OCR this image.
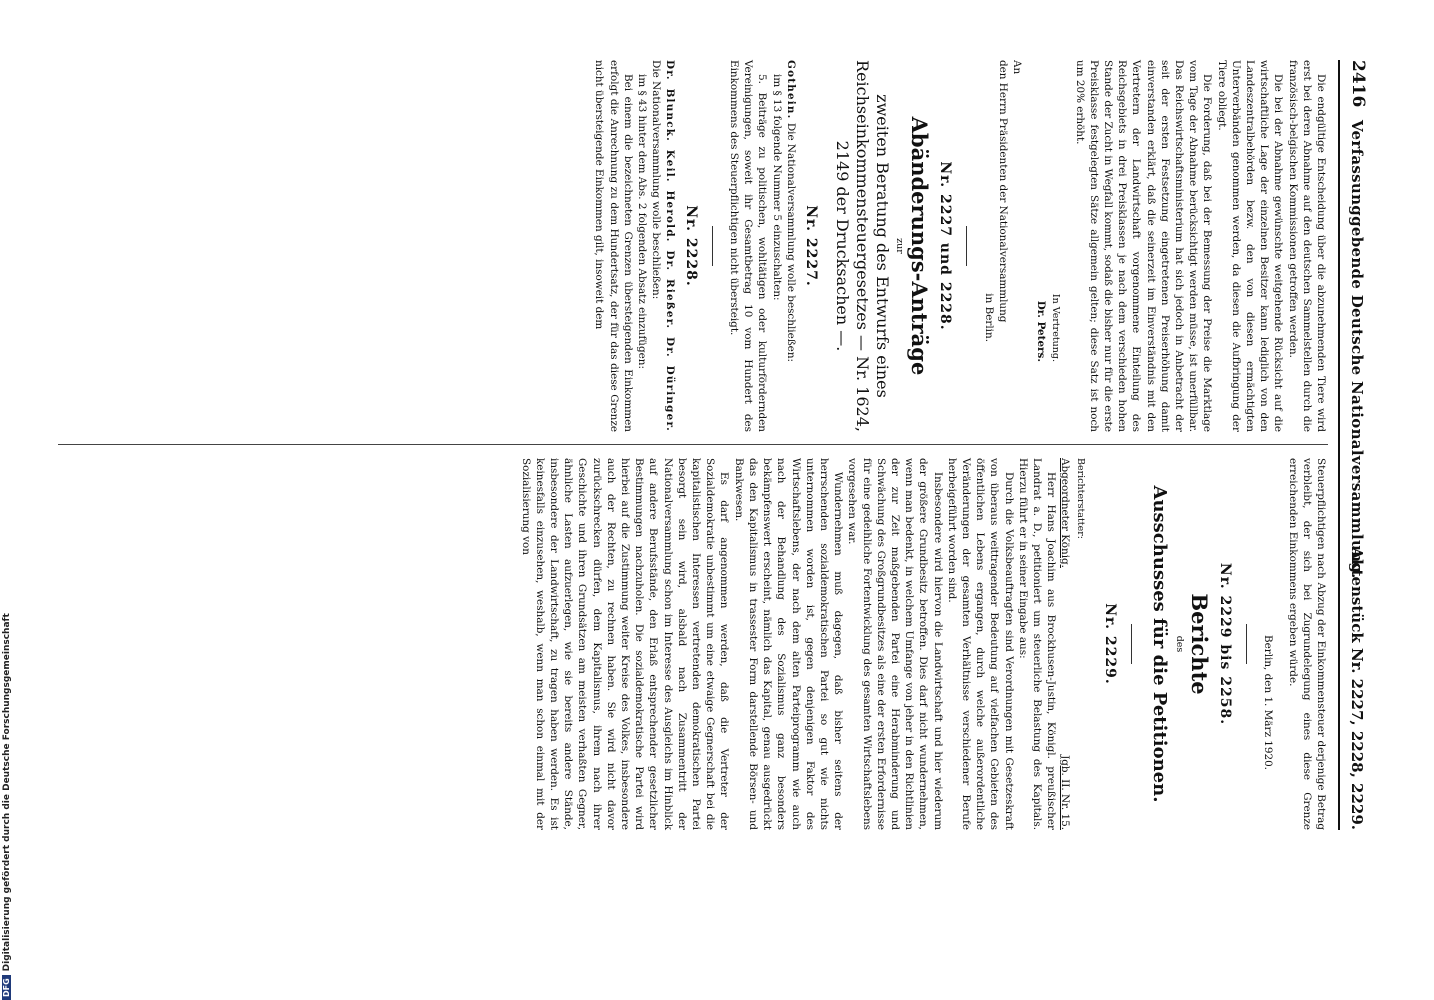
2416
Verfassunggebende Deutsche Nationalversammlung.
Aktenstück Nr. 2227, 2228, 2229.

Die endgültige Entscheidung über die abzunehmenden Tiere wird erst bei deren Abnahme auf den deutschen Sammelstellen durch die französisch-belgischen Kommissionen getroffen werden.

Die bei der Abnahme gewünschte weitgehende Rücksicht auf die wirtschaftliche Lage der einzelnen Besitzer kann lediglich von den Landeszentralbehörden bezw. den von diesen ermächtigten Unterverbänden genommen werden, da diesen die Aufbringung der Tiere obliegt.

Die Forderung, daß bei der Bemessung der Preise die Marktlage vom Tage der Abnahme berücksichtigt werden müsse, ist unerfüllbar. Das Reichswirtschaftsministerium hat sich jedoch in Anbetracht der seit der ersten Festsetzung eingetretenen Preiserhöhung damit einverstanden erklärt, daß die seinerzeit im Einverständnis mit den Vertretern der Landwirtschaft vorgenommene Einteilung des Reichsgebiets in drei Preisklassen je nach dem verschieden hohen Stande der Zucht in Wegfall kommt, sodaß die bisher nur für die erste Preisklasse festgelegten Sätze allgemein gelten; diese Satz ist noch um 20% erhöht.

In Vertretung.
Dr. Peters.

An

den Herrn Präsidenten der Nationalversammlung

in Berlin.

Nr. 2227 und 2228.
Abänderungs-Anträge
zur
zweiten Beratung des Entwurfs eines Reichseinkommensteuergesetzes — Nr. 1624, 2149 der Drucksachen —.
Nr. 2227.

Gothein. Die Nationalversammlung wolle beschließen:

im § 13 folgende Nummer 5 einzuschalten:

5. Beiträge zu politischen, wohltätigen oder kulturfördernden Vereinigungen, soweit ihr Gesamtbetrag 10 vom Hundert des Einkommens des Steuerpflichtigen nicht übersteigt.

Nr. 2228.

Dr. Blunck. Keil. Herold. Dr. Rießer. Dr. Düringer. Die Nationalversammlung wolle beschließen:

im § 43 hinter dem Abs. 2 folgenden Absatz einzufügen:

Bei einem die bezeichneten Grenzen übersteigenden Einkommen erfolgt die Anrechnung zu dem Hundertsatz, der für das diese Grenze nicht übersteigende Einkommen gilt, insoweit dem

Steuerpflichtigen nach Abzug der Einkommensteuer derjenige Betrag verbleibt, der sich bei Zugrundelegung eines diese Grenze erreichenden Einkommens ergeben würde.

Berlin, den 1. März 1920.

Nr. 2229 bis 2258.
Berichte
des
Ausschusses für die Petitionen.
Nr. 2229.

Berichterstatter:

Abgeordneter König.
Jgb. II. Nr. 15.

Herr Hans Joachim aus Brockhusen-Justin, Königl. preußischer Landrat a. D., petitioniert um steuerliche Belastung des Kapitals. Hierzu führt er in seiner Eingabe aus:

Durch die Volksbeauftragten sind Verordnungen mit Gesetzeskraft von überaus weittragender Bedeutung auf vielfachen Gebieten des öffentlichen Lebens ergangen, durch welche außerordentliche Veränderungen der gesamten Verhältnisse verschiedener Berufe herbeigeführt worden sind.

Insbesondere wird hiervon die Landwirtschaft und hier wiederum der größere Grundbesitz betroffen. Dies darf nicht wundernehmen, wenn man bedenkt, in welchem Umfange von jeher in den Richtlinien der zur Zeit maßgebenden Partei eine Herabminderung und Schwächung des Großgrundbesitzes als eine der ersten Erfordernisse für eine gedeihliche Fortentwicklung des gesamten Wirtschaftslebens vorgesehen war.

Wundernehmen muß dagegen, daß bisher seitens der herrschenden sozialdemokratischen Partei so gut wie nichts unternommen worden ist, gegen denjenigen Faktor des Wirtschaftslebens, der nach dem alten Parteiprogramm wie auch nach der Behandlung des Sozialismus ganz besonders bekämpfenswert erscheint, nämlich das Kapital, genau ausgedrückt das den Kapitalismus in trassester Form darstellende Börsen- und Bankwesen.

Es darf angenommen werden, daß die Vertreter der Sozialdemokratie unbestimmt um eine etwaige Gegnerschaft bei die kapitalistischen Interessen vertretenden demokratischen Partei besorgt sein wird, alsbald nach Zusammentritt der Nationalversammlung schon im Interesse des Ausgleichs im Hinblick auf andere Berufsstände, den Erlaß entsprechender gesetzlicher Bestimmungen nachzuholen. Die sozialdemokratische Partei wird hierbei auf die Zustimmung weiter Kreise des Volkes, insbesondere auch der Rechten, zu rechnen haben. Sie wird nicht davor zurückschrecken dürfen, dem Kapitalismus, ihrem nach ihrer Geschichte und ihren Grundsätzen am meisten verhaßten Gegner, ähnliche Lasten aufzuerlegen, wie sie bereits andere Stände, insbesondere der Landwirtschaft, zu tragen haben werden. Es ist keinesfalls einzusehen, weshalb, wenn man schon einmal mit der Sozialisierung von

DFGDigitalisierung gefördert durch die Deutsche Forschungsgemeinschaft
